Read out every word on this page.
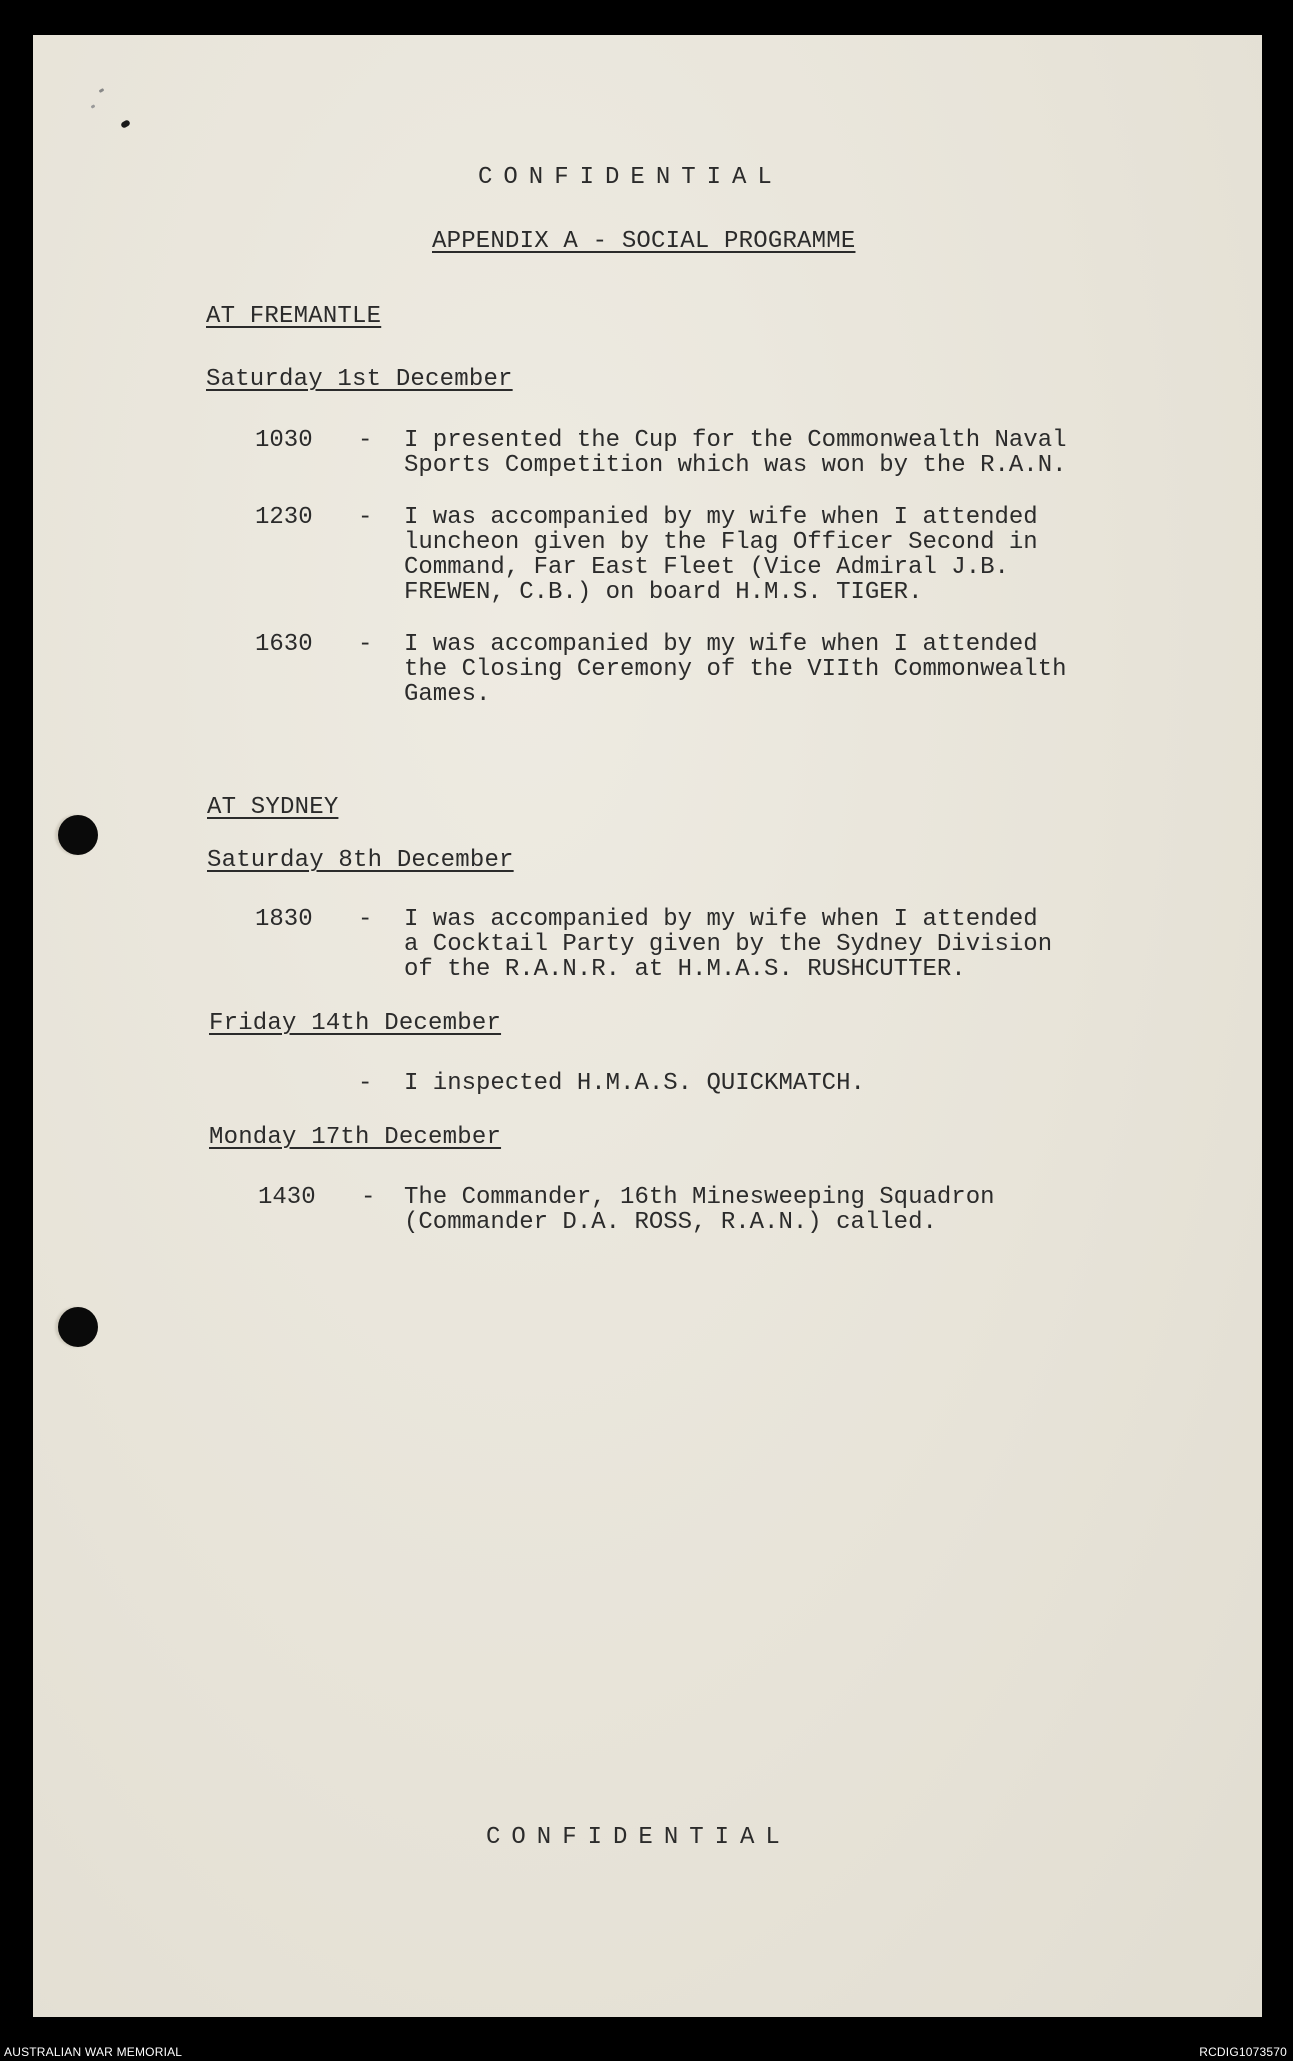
CONFIDENTIAL
APPENDIX A - SOCIAL PROGRAMME
AT FREMANTLE
Saturday 1st December
1030 - I presented the Cup for the Commonwealth Naval
Sports Competition which was won by the R.A.N.
1230 - I was accompanied by my wife when I attended
luncheon given by the Flag Officer Second in
Command, Far East Fleet (Vice Admiral J.B.
FREWEN, C.B.) on board H.M.S. TIGER.
1630 - I was accompanied by my wife when I attended
the Closing Ceremony of the VIIth Commonwealth
Games.
AT SYDNEY
Saturday 8th December
1830 - I was accompanied by my wife when I attended
a Cocktail Party given by the Sydney Division
of the R.A.N.R. at H.M.A.S. RUSHCUTTER.
Friday 14th December
- I inspected H.M.A.S. QUICKMATCH.
Monday 17th December
1430 - The Commander, 16th Minesweeping Squadron
(Commander D.A. ROSS, R.A.N.) called.
CONFIDENTIAL
AUSTRALIAN WAR MEMORIAL	RCDIG1073570
